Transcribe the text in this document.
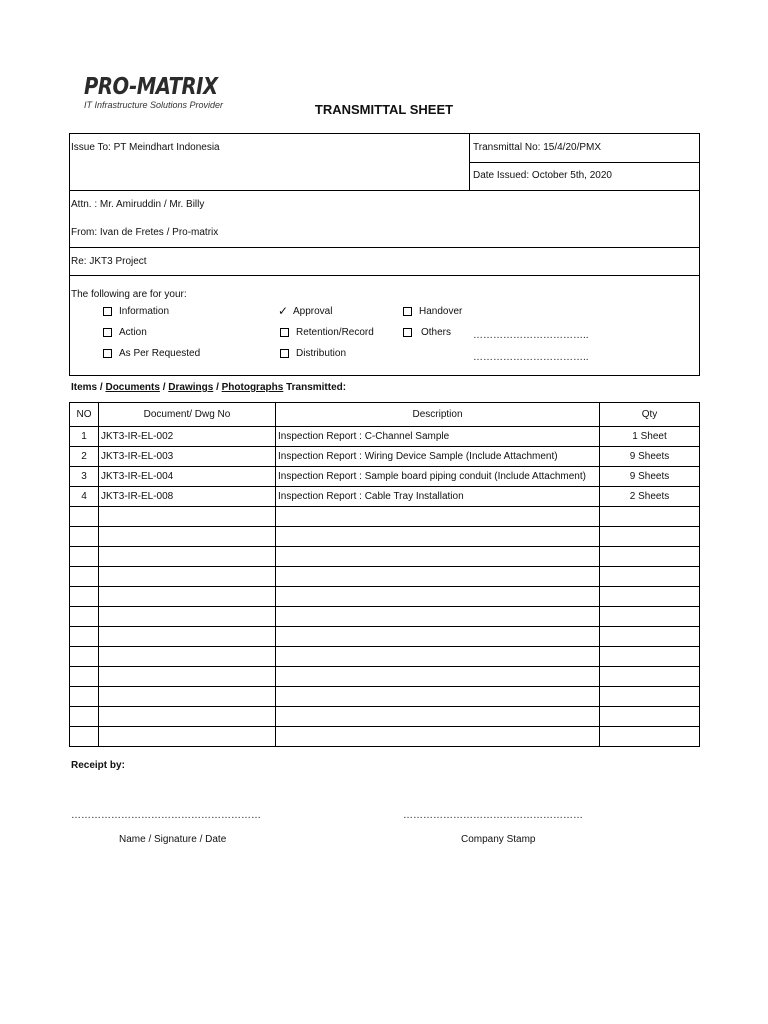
PRO-MATRIX
IT Infrastructure Solutions Provider	TRANSMITTAL SHEET
Issue To: PT Meindhart Indonesia	Transmittal No: 15/4/20/PMX
Date Issued: October 5th, 2020
Attn. : Mr. Amiruddin / Mr. Billy
From: Ivan de Fretes / Pro-matrix
Re: JKT3 Project
The following are for your:
Information
Action
As Per Requested
✓ Approval
Retention/Record
Distribution
Handover
Others ……………………………..
……………………………..
Items / Documents / Drawings / Photographs Transmitted:
NO	Document/ Dwg No	Description	Qty
1	JKT3-IR-EL-002	Inspection Report : C-Channel Sample	1 Sheet
2	JKT3-IR-EL-003	Inspection Report : Wiring Device Sample (Include Attachment)	9 Sheets
3	JKT3-IR-EL-004	Inspection Report : Sample board piping conduit (Include Attachment)	9 Sheets
4	JKT3-IR-EL-008	Inspection Report : Cable Tray Installation	2 Sheets

Receipt by:
…………………………………………………	………………………………………………
Name / Signature / Date	Company Stamp
